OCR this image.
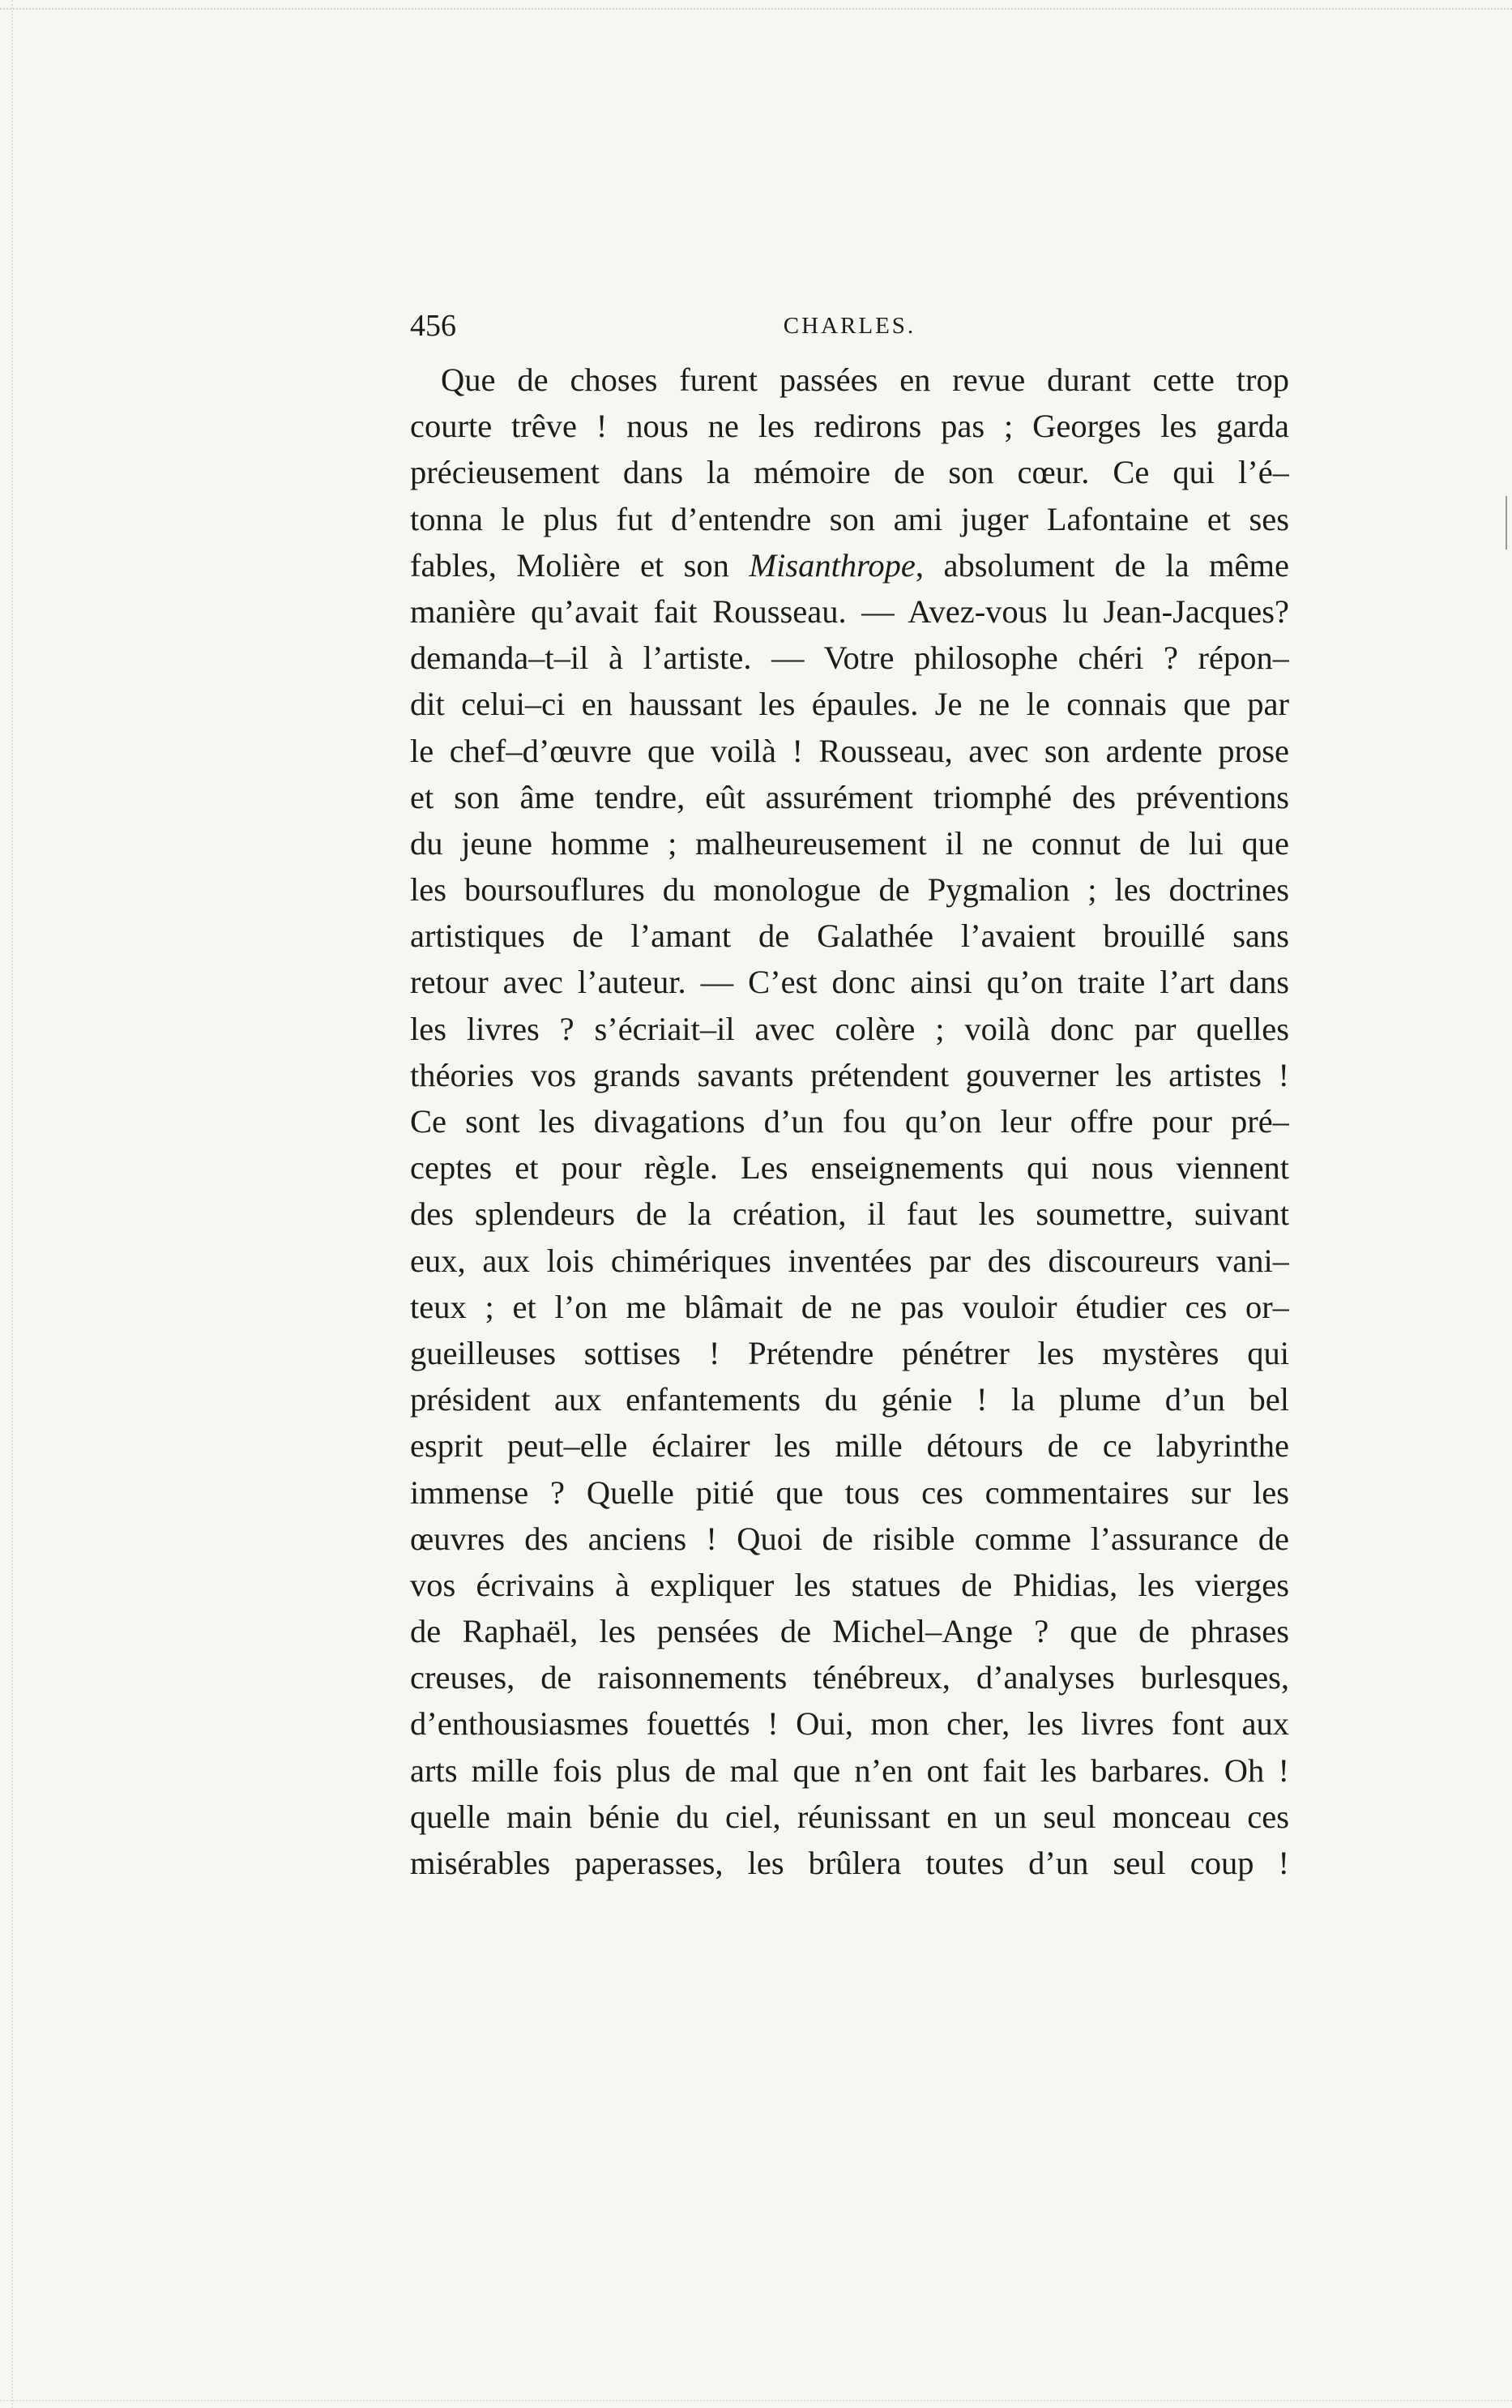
456	CHARLES.
Que de choses furent passées en revue durant cette trop
courte trêve ! nous ne les redirons pas ; Georges les garda
précieusement dans la mémoire de son cœur. Ce qui l’é–
tonna le plus fut d’entendre son ami juger Lafontaine et ses
fables, Molière et son Misanthrope, absolument de la même
manière qu’avait fait Rousseau. — Avez-vous lu Jean-Jacques?
demanda–t–il à l’artiste. — Votre philosophe chéri ? répon–
dit celui–ci en haussant les épaules. Je ne le connais que par
le chef–d’œuvre que voilà ! Rousseau, avec son ardente prose
et son âme tendre, eût assurément triomphé des préventions
du jeune homme ; malheureusement il ne connut de lui que
les boursouflures du monologue de Pygmalion ; les doctrines
artistiques de l’amant de Galathée l’avaient brouillé sans
retour avec l’auteur. — C’est donc ainsi qu’on traite l’art dans
les livres ? s’écriait–il avec colère ; voilà donc par quelles
théories vos grands savants prétendent gouverner les artistes !
Ce sont les divagations d’un fou qu’on leur offre pour pré–
ceptes et pour règle. Les enseignements qui nous viennent
des splendeurs de la création, il faut les soumettre, suivant
eux, aux lois chimériques inventées par des discoureurs vani–
teux ; et l’on me blâmait de ne pas vouloir étudier ces or–
gueilleuses sottises ! Prétendre pénétrer les mystères qui
président aux enfantements du génie ! la plume d’un bel
esprit peut–elle éclairer les mille détours de ce labyrinthe
immense ? Quelle pitié que tous ces commentaires sur les
œuvres des anciens ! Quoi de risible comme l’assurance de
vos écrivains à expliquer les statues de Phidias, les vierges
de Raphaël, les pensées de Michel–Ange ? que de phrases
creuses, de raisonnements ténébreux, d’analyses burlesques,
d’enthousiasmes fouettés ! Oui, mon cher, les livres font aux
arts mille fois plus de mal que n’en ont fait les barbares. Oh !
quelle main bénie du ciel, réunissant en un seul monceau ces
misérables paperasses, les brûlera toutes d’un seul coup !
